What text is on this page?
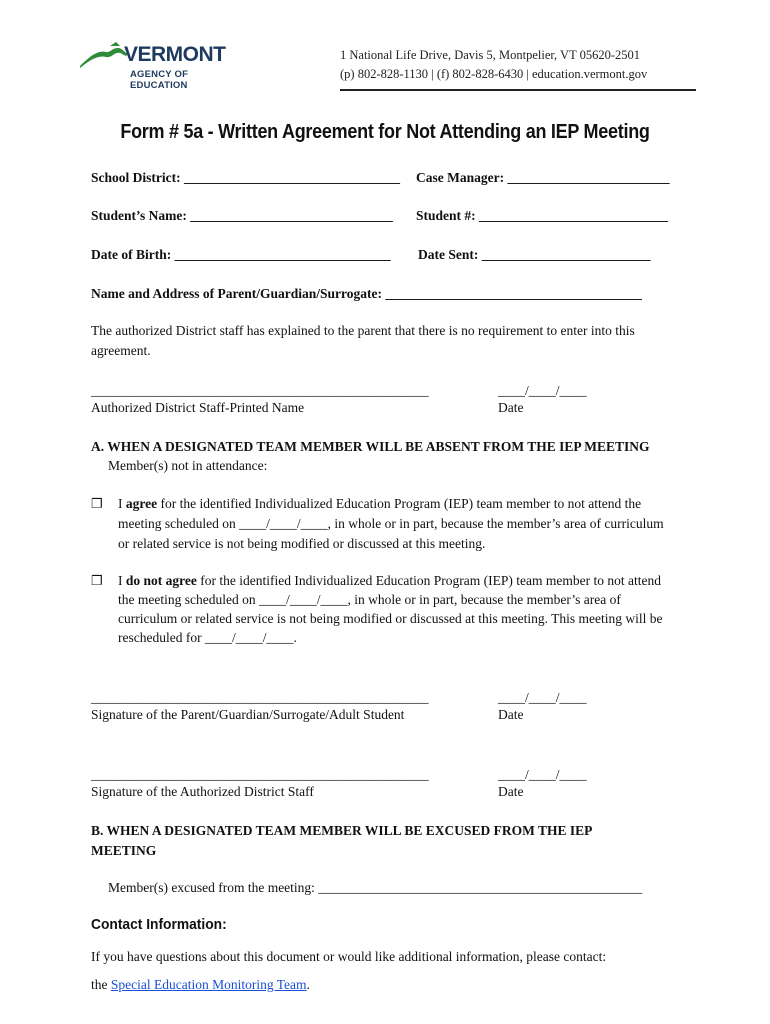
VERMONT
AGENCY OF EDUCATION
1 National Life Drive, Davis 5, Montpelier, VT 05620-2501
(p) 802-828-1130 | (f) 802-828-6430 | education.vermont.gov
Form # 5a - Written Agreement for Not Attending an IEP Meeting
School District: ________________________________ Case Manager: ________________________
Student’s Name: ______________________________ Student #: ____________________________
Date of Birth: ________________________________ Date Sent: _________________________
Name and Address of Parent/Guardian/Surrogate: ______________________________________
The authorized District staff has explained to the parent that there is no requirement to enter into this agreement.
__________________________________________________	____/____/____
Authorized District Staff-Printed Name	Date
A. WHEN A DESIGNATED TEAM MEMBER WILL BE ABSENT FROM THE IEP MEETING
Member(s) not in attendance:
❒ I agree for the identified Individualized Education Program (IEP) team member to not attend the meeting scheduled on ____/____/____, in whole or in part, because the member’s area of curriculum or related service is not being modified or discussed at this meeting.
❒ I do not agree for the identified Individualized Education Program (IEP) team member to not attend the meeting scheduled on ____/____/____, in whole or in part, because the member’s area of curriculum or related service is not being modified or discussed at this meeting. This meeting will be rescheduled for ____/____/____.
__________________________________________________	____/____/____
Signature of the Parent/Guardian/Surrogate/Adult Student	Date
__________________________________________________	____/____/____
Signature of the Authorized District Staff	Date
B. WHEN A DESIGNATED TEAM MEMBER WILL BE EXCUSED FROM THE IEP MEETING
Member(s) excused from the meeting: ________________________________________________
Contact Information:
If you have questions about this document or would like additional information, please contact:
the Special Education Monitoring Team.
